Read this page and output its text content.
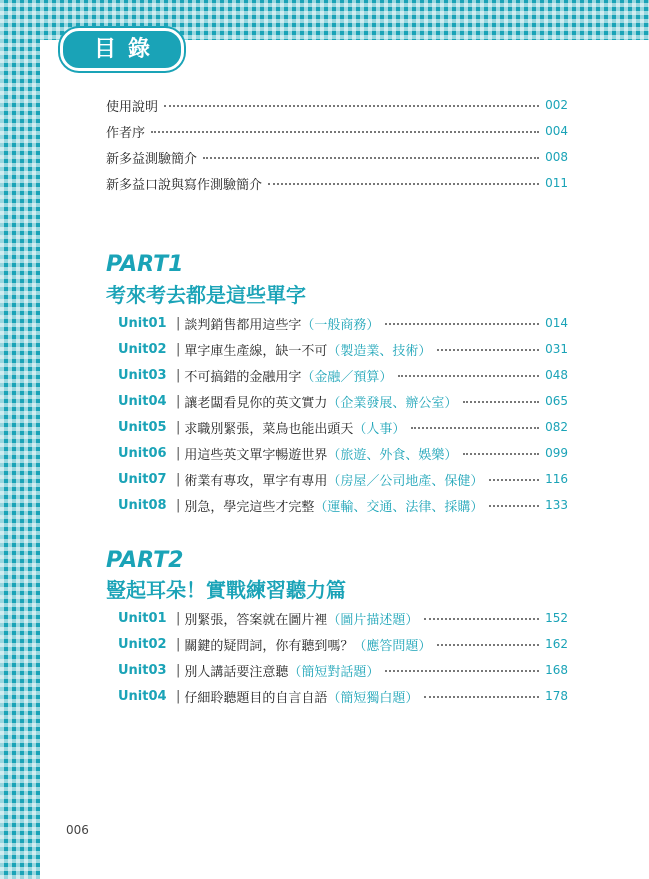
目錄
使用說明	002
作者序	004
新多益測驗簡介	008
新多益口說與寫作測驗簡介	011
PART1
考來考去都是這些單字
Unit01 | 談判銷售都用這些字 （一般商務）	014
Unit02 | 單字庫生產線，缺一不可 （製造業、技術）	031
Unit03 | 不可搞錯的金融用字 （金融／預算）	048
Unit04 | 讓老闆看見你的英文實力 （企業發展、辦公室）	065
Unit05 | 求職別緊張，菜鳥也能出頭天 （人事）	082
Unit06 | 用這些英文單字暢遊世界 （旅遊、外食、娛樂）	099
Unit07 | 術業有專攻，單字有專用 （房屋／公司地產、保健）	116
Unit08 | 別急，學完這些才完整 （運輸、交通、法律、採購）	133
PART2
豎起耳朵！實戰練習聽力篇
Unit01 | 別緊張，答案就在圖片裡 （圖片描述題）	152
Unit02 | 關鍵的疑問詞，你有聽到嗎？ （應答問題）	162
Unit03 | 別人講話要注意聽 （簡短對話題）	168
Unit04 | 仔細聆聽題目的自言自語 （簡短獨白題）	178
006
